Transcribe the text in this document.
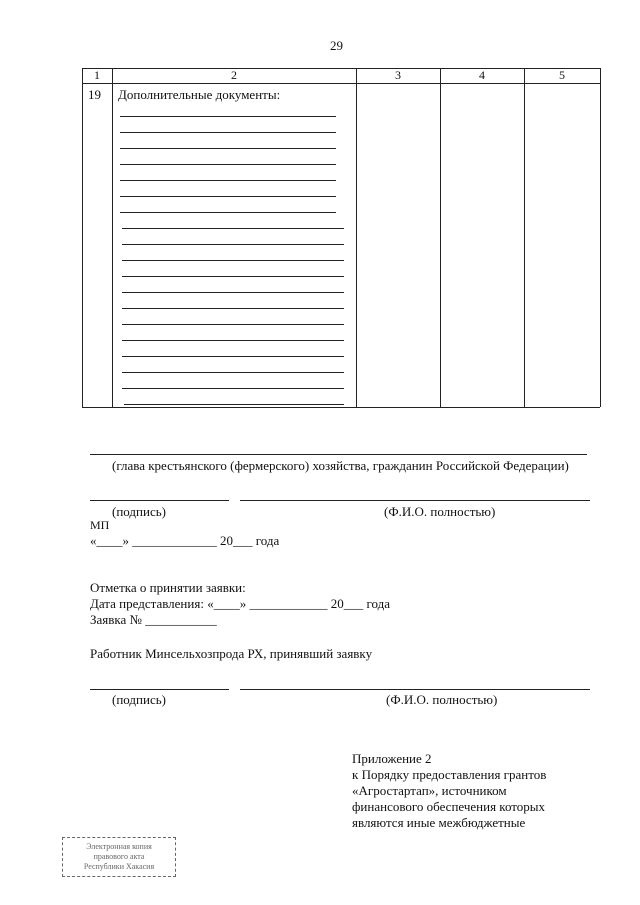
29
1	2	3	4	5
19 Дополнительные документы:
(глава крестьянского (фермерского) хозяйства, гражданин Российской Федерации)
(подпись)	(Ф.И.О. полностью)
МП
«____» _____________ 20___ года
Отметка о принятии заявки:
Дата представления: «____» ____________ 20___ года
Заявка № ___________
Работник Минсельхозпрода РХ, принявший заявку
(подпись)	(Ф.И.О. полностью)
Приложение 2
к Порядку предоставления грантов
«Агростартап», источником
финансового обеспечения которых
являются иные межбюджетные
Электронная копия
правового акта
Республики Хакасия
